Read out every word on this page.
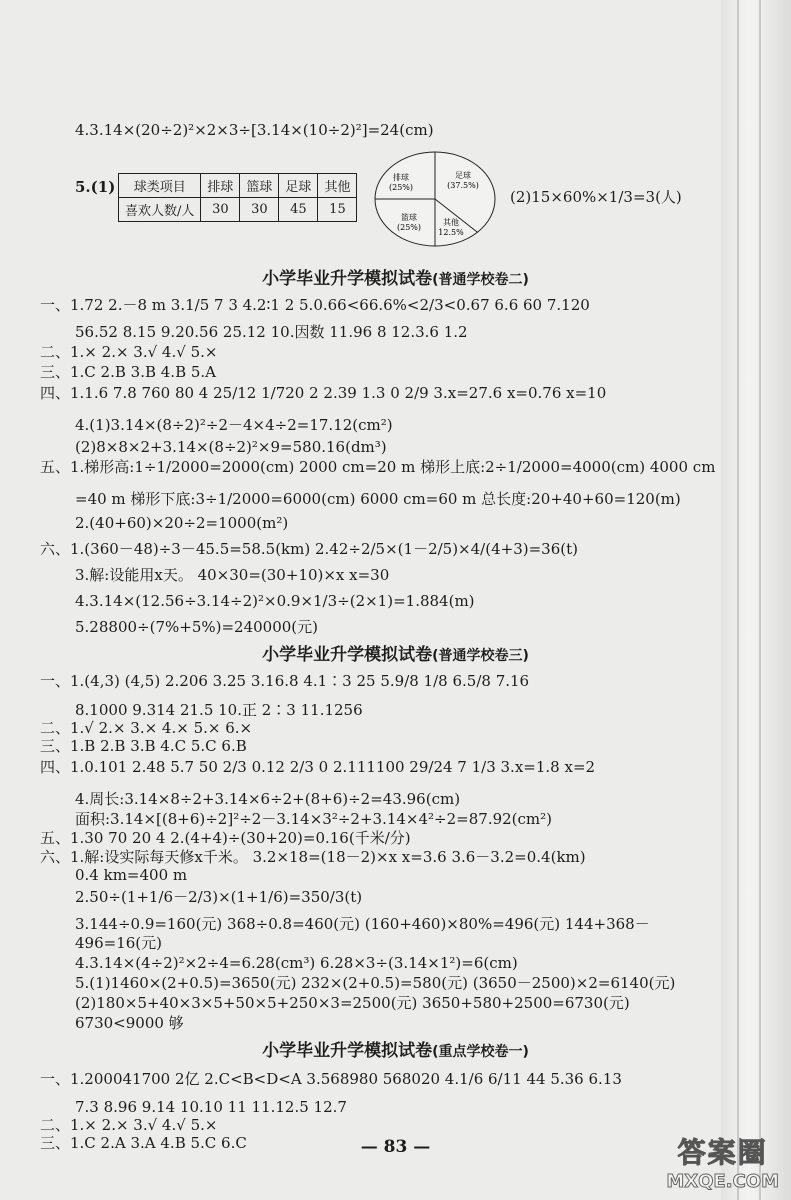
4.3.14×(20÷2)²×2×3÷[3.14×(10÷2)²]=24(cm)
5.(1) 球类项目	排球	篮球	足球	其他
喜欢人数/人	30	30	45	15
排球
(25%)
足球
(37.5%)
其他
12.5%
篮球
(25%)
(2)15×60%×1/3=3(人)
小学毕业升学模拟试卷(普通学校卷二)
一、1.72 2.－8 m 3.1/5 7 3 4.2∶1 2 5.0.66<66.6%<2/3<0.67 6.6 60 7.120
56.52 8.15 9.20.56 25.12 10.因数 11.96 8 12.3.6 1.2
二、1.× 2.× 3.√ 4.√ 5.×
三、1.C 2.B 3.B 4.B 5.A
四、1.1.6 7.8 760 80 4 25/12 1/720 2 2.39 1.3 0 2/9 3.x=27.6 x=0.76 x=10
4.(1)3.14×(8÷2)²÷2－4×4÷2=17.12(cm²)
(2)8×8×2+3.14×(8÷2)²×9=580.16(dm³)
五、1.梯形高:1÷1/2000=2000(cm) 2000 cm=20 m 梯形上底:2÷1/2000=4000(cm) 4000 cm
=40 m 梯形下底:3÷1/2000=6000(cm) 6000 cm=60 m 总长度:20+40+60=120(m)
2.(40+60)×20÷2=1000(m²)
六、1.(360－48)÷3－45.5=58.5(km) 2.42÷2/5×(1－2/5)×4/(4+3)=36(t)
3.解:设能用x天。 40×30=(30+10)×x x=30
4.3.14×(12.56÷3.14÷2)²×0.9×1/3÷(2×1)=1.884(m)
5.28800÷(7%+5%)=240000(元)
小学毕业升学模拟试卷(普通学校卷三)
一、1.(4,3) (4,5) 2.206 3.25 3.16.8 4.1∶3 25 5.9/8 1/8 6.5/8 7.16
8.1000 9.314 21.5 10.正 2∶3 11.1256
二、1.√ 2.× 3.× 4.× 5.× 6.×
三、1.B 2.B 3.B 4.C 5.C 6.B
四、1.0.101 2.48 5.7 50 2/3 0.12 2/3 0 2.111100 29/24 7 1/3 3.x=1.8 x=2
4.周长:3.14×8÷2+3.14×6÷2+(8+6)÷2=43.96(cm)
面积:3.14×[(8+6)÷2]²÷2－3.14×3²÷2+3.14×4²÷2=87.92(cm²)
五、1.30 70 20 4 2.(4+4)÷(30+20)=0.16(千米/分)
六、1.解:设实际每天修x千米。 3.2×18=(18－2)×x x=3.6 3.6－3.2=0.4(km)
0.4 km=400 m
2.50÷(1+1/6－2/3)×(1+1/6)=350/3(t)
3.144÷0.9=160(元) 368÷0.8=460(元) (160+460)×80%=496(元) 144+368－
496=16(元)
4.3.14×(4÷2)²×2÷4=6.28(cm³) 6.28×3÷(3.14×1²)=6(cm)
5.(1)1460×(2+0.5)=3650(元) 232×(2+0.5)=580(元) (3650－2500)×2=6140(元)
(2)180×5+40×3×5+50×5+250×3=2500(元) 3650+580+2500=6730(元)
6730<9000 够
小学毕业升学模拟试卷(重点学校卷一)
一、1.200041700 2亿 2.C<B<D<A 3.568980 568020 4.1/6 6/11 44 5.36 6.13
7.3 8.96 9.14 10.10 11 11.12.5 12.7
二、1.× 2.× 3.√ 4.√ 5.×
三、1.C 2.A 3.A 4.B 5.C 6.C	— 83 —	答案圈
MXQE.COM
